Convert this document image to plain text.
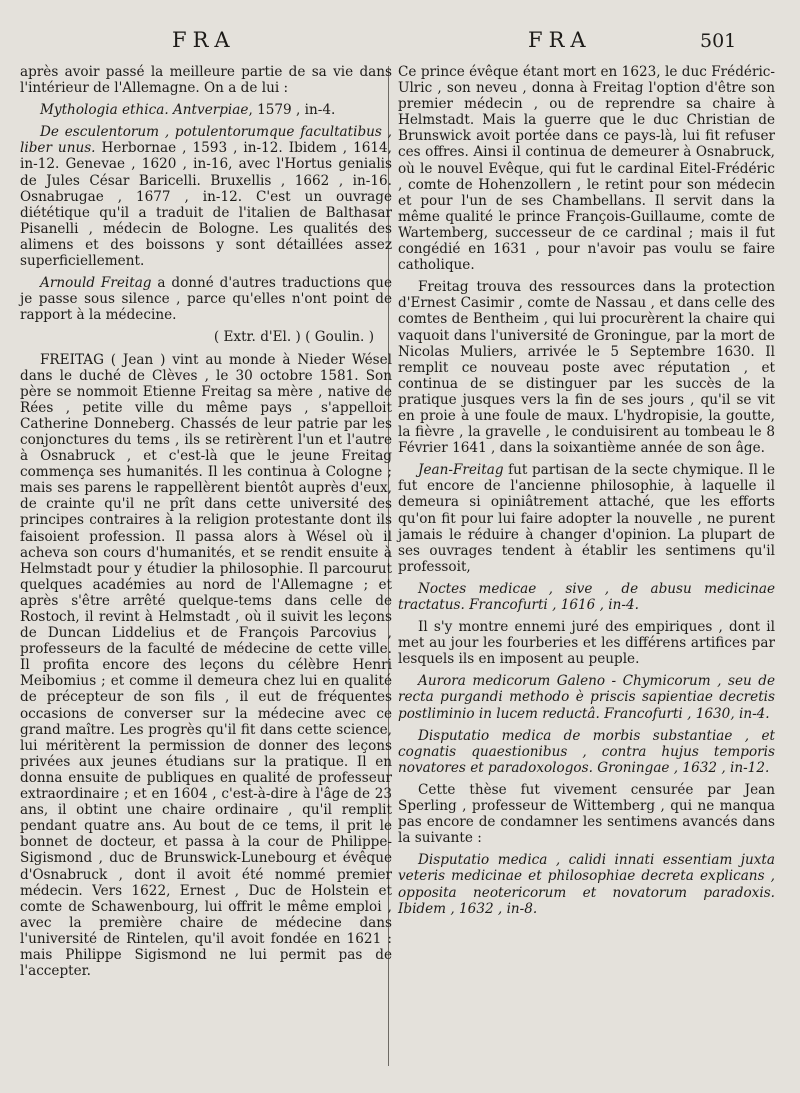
FRA	FRA	501

après avoir passé la meilleure partie de sa vie dans l'intérieur de l'Allemagne. On a de lui :

Mythologia ethica. Antverpiae, 1579 , in-4.

De esculentorum , potulentorumque facultatibus , liber unus. Herbornae , 1593 , in-12. Ibidem , 1614, in-12. Genevae , 1620 , in-16, avec l'Hortus genialis de Jules César Baricelli. Bruxellis , 1662 , in-16. Osnabrugae , 1677 , in-12. C'est un ouvrage diététique qu'il a traduit de l'italien de Balthasar Pisanelli , médecin de Bologne. Les qualités des alimens et des boissons y sont détaillées assez superficiellement.

Arnould Freitag a donné d'autres traductions que je passe sous silence , parce qu'elles n'ont point de rapport à la médecine.

( Extr. d'El. ) ( Goulin. )

FREITAG ( Jean ) vint au monde à Nieder Wésel dans le duché de Clèves , le 30 octobre 1581. Son père se nommoit Etienne Freitag sa mère , native de Rées , petite ville du même pays , s'appelloit Catherine Donneberg. Chassés de leur patrie par les conjonctures du tems , ils se retirèrent l'un et l'autre à Osnabruck , et c'est-là que le jeune Freitag commença ses humanités. Il les continua à Cologne ; mais ses parens le rappellèrent bientôt auprès d'eux, de crainte qu'il ne prît dans cette université des principes contraires à la religion protestante dont ils faisoient profession. Il passa alors à Wésel où il acheva son cours d'humanités, et se rendit ensuite à Helmstadt pour y étudier la philosophie. Il parcourut quelques académies au nord de l'Allemagne ; et après s'être arrêté quelque-tems dans celle de Rostoch, il revint à Helmstadt , où il suivit les leçons de Duncan Liddelius et de François Parcovius , professeurs de la faculté de médecine de cette ville. Il profita encore des leçons du célèbre Henri Meibomius ; et comme il demeura chez lui en qualité de précepteur de son fils , il eut de fréquentes occasions de converser sur la médecine avec ce grand maître. Les progrès qu'il fit dans cette science, lui méritèrent la permission de donner des leçons privées aux jeunes étudians sur la pratique. Il en donna ensuite de publiques en qualité de professeur extraordinaire ; et en 1604 , c'est-à-dire à l'âge de 23 ans, il obtint une chaire ordinaire , qu'il remplit pendant quatre ans. Au bout de ce tems, il prit le bonnet de docteur, et passa à la cour de Philippe-Sigismond , duc de Brunswick-Lunebourg et évêque d'Osnabruck , dont il avoit été nommé premier médecin. Vers 1622, Ernest , Duc de Holstein et comte de Schawenbourg, lui offrit le même emploi , avec la première chaire de médecine dans l'université de Rintelen, qu'il avoit fondée en 1621 : mais Philippe Sigismond ne lui permit pas de l'accepter.

Ce prince évêque étant mort en 1623, le duc Frédéric-Ulric , son neveu , donna à Freitag l'option d'être son premier médecin , ou de reprendre sa chaire à Helmstadt. Mais la guerre que le duc Christian de Brunswick avoit portée dans ce pays-là, lui fit refuser ces offres. Ainsi il continua de demeurer à Osnabruck, où le nouvel Evêque, qui fut le cardinal Eitel-Frédéric , comte de Hohenzollern , le retint pour son médecin et pour l'un de ses Chambellans. Il servit dans la même qualité le prince François-Guillaume, comte de Wartemberg, successeur de ce cardinal ; mais il fut congédié en 1631 , pour n'avoir pas voulu se faire catholique.

Freitag trouva des ressources dans la protection d'Ernest Casimir , comte de Nassau , et dans celle des comtes de Bentheim , qui lui procurèrent la chaire qui vaquoit dans l'université de Groningue, par la mort de Nicolas Muliers, arrivée le 5 Septembre 1630. Il remplit ce nouveau poste avec réputation , et continua de se distinguer par les succès de la pratique jusques vers la fin de ses jours , qu'il se vit en proie à une foule de maux. L'hydropisie, la goutte, la fièvre , la gravelle , le conduisirent au tombeau le 8 Février 1641 , dans la soixantième année de son âge.

Jean-Freitag fut partisan de la secte chymique. Il le fut encore de l'ancienne philosophie, à laquelle il demeura si opiniâtrement attaché, que les efforts qu'on fit pour lui faire adopter la nouvelle , ne purent jamais le réduire à changer d'opinion. La plupart de ses ouvrages tendent à établir les sentimens qu'il professoit,

Noctes medicae , sive , de abusu medicinae tractatus. Francofurti , 1616 , in-4.

Il s'y montre ennemi juré des empiriques , dont il met au jour les fourberies et les différens artifices par lesquels ils en imposent au peuple.

Aurora medicorum Galeno - Chymicorum , seu de recta purgandi methodo è priscis sapientiae decretis postliminio in lucem reductâ. Francofurti , 1630, in-4.

Disputatio medica de morbis substantiae , et cognatis quaestionibus , contra hujus temporis novatores et paradoxologos. Groningae , 1632 , in-12.

Cette thèse fut vivement censurée par Jean Sperling , professeur de Wittemberg , qui ne manqua pas encore de condamner les sentimens avancés dans la suivante :

Disputatio medica , calidi innati essentiam juxta veteris medicinae et philosophiae decreta explicans , opposita neotericorum et novatorum paradoxis. Ibidem , 1632 , in-8.
